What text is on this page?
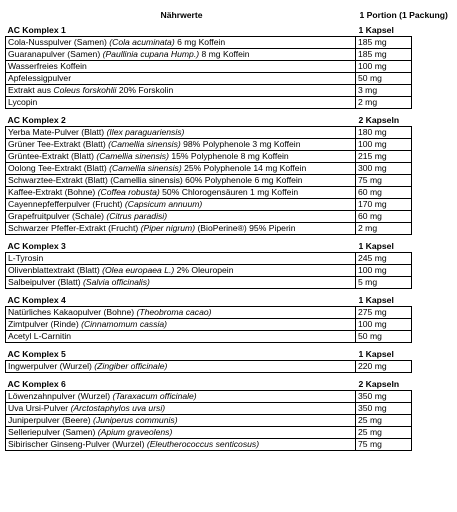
Nährwerte	1 Portion (1 Packung)
AC Komplex 1	1 Kapsel
Cola-Nusspulver (Samen) (Cola acuminata) 6 mg Koffein	185 mg
Guaranapulver (Samen) (Paullinia cupana Hump.) 8 mg Koffein	185 mg
Wasserfreies Koffein	100 mg
Apfelessigpulver	50 mg
Extrakt aus Coleus forskohlii 20% Forskolin	3 mg
Lycopin	2 mg

AC Komplex 2	2 Kapseln
Yerba Mate-Pulver (Blatt) (Ilex paraguariensis)	180 mg
Grüner Tee-Extrakt (Blatt) (Camellia sinensis) 98% Polyphenole 3 mg Koffein	100 mg
Grüntee-Extrakt (Blatt) (Camellia sinensis) 15% Polyphenole 8 mg Koffein	215 mg
Oolong Tee-Extrakt (Blatt) (Camellia sinensis) 25% Polyphenole 14 mg Koffein	300 mg
Schwarztee-Extrakt (Blatt) (Camellia sinensis) 60% Polyphenole 6 mg Koffein	75 mg
Kaffee-Extrakt (Bohne) (Coffea robusta) 50% Chlorogensäuren 1 mg Koffein	60 mg
Cayennepfefferpulver (Frucht) (Capsicum annuum)	170 mg
Grapefruitpulver (Schale) (Citrus paradisi)	60 mg
Schwarzer Pfeffer-Extrakt (Frucht) (Piper nigrum) (BioPerine®) 95% Piperin	2 mg

AC Komplex 3	1 Kapsel
L-Tyrosin	245 mg
Olivenblattextrakt (Blatt) (Olea europaea L.) 2% Oleuropein	100 mg
Salbeipulver (Blatt) (Salvia officinalis)	5 mg

AC Komplex 4	1 Kapsel
Natürliches Kakaopulver (Bohne) (Theobroma cacao)	275 mg
Zimtpulver (Rinde) (Cinnamomum cassia)	100 mg
Acetyl L-Carnitin	50 mg

AC Komplex 5	1 Kapsel
Ingwerpulver (Wurzel) (Zingiber officinale)	220 mg

AC Komplex 6	2 Kapseln
Löwenzahnpulver (Wurzel) (Taraxacum officinale)	350 mg
Uva Ursi-Pulver (Arctostaphylos uva ursi)	350 mg
Juniperpulver (Beere) (Juniperus communis)	25 mg
Selleriepulver (Samen) (Apium graveolens)	25 mg
Sibirischer Ginseng-Pulver (Wurzel) (Eleutherococcus senticosus)	75 mg
